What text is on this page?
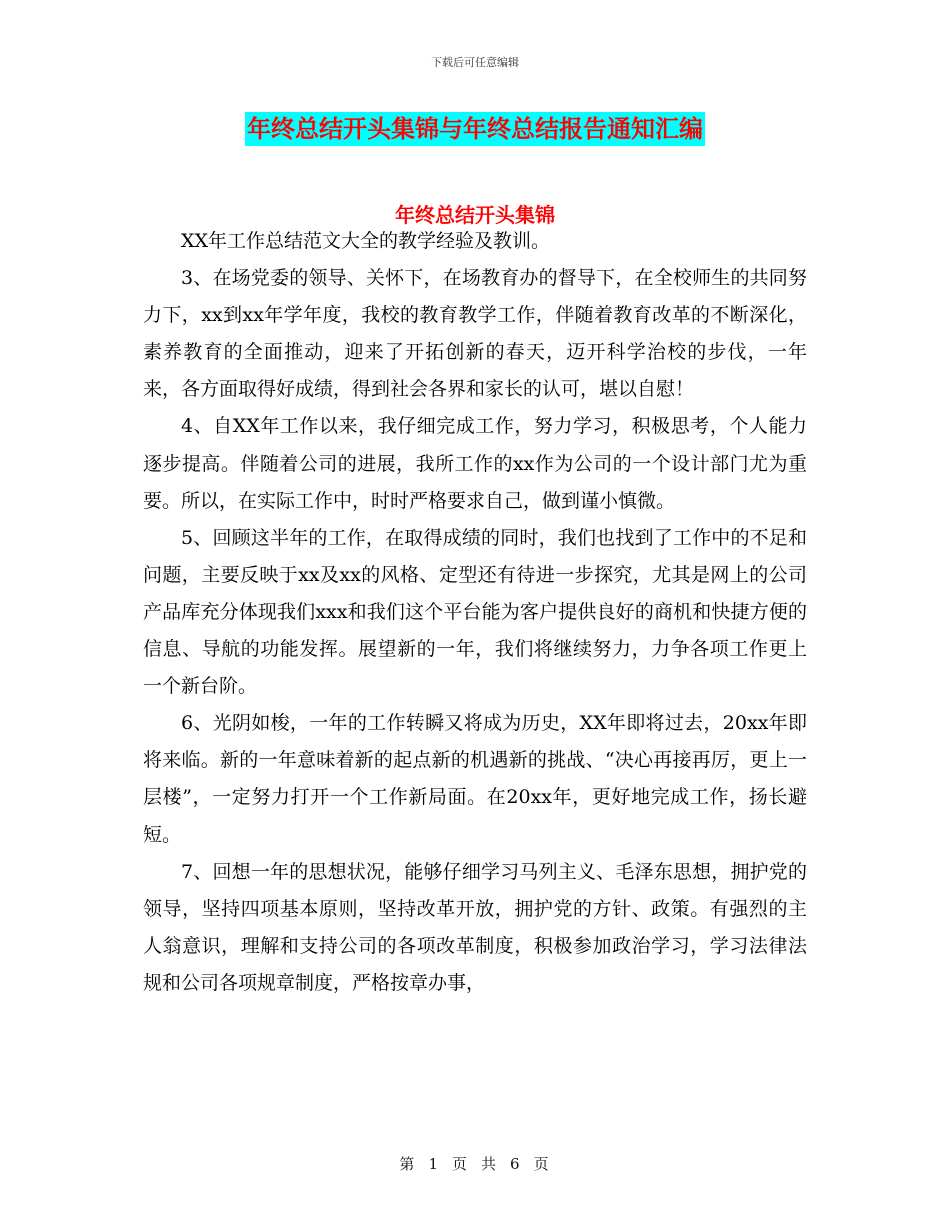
下载后可任意编辑
年终总结开头集锦与年终总结报告通知汇编
年终总结开头集锦

XX年工作总结范文大全的教学经验及教训。

3、在场党委的领导、关怀下，在场教育办的督导下，在全校师生的共同努力下，xx到xx年学年度，我校的教育教学工作，伴随着教育改革的不断深化，素养教育的全面推动，迎来了开拓创新的春天，迈开科学治校的步伐，一年来，各方面取得好成绩，得到社会各界和家长的认可，堪以自慰！

4、自XX年工作以来，我仔细完成工作，努力学习，积极思考，个人能力逐步提高。伴随着公司的进展，我所工作的xx作为公司的一个设计部门尤为重要。所以，在实际工作中，时时严格要求自己，做到谨小慎微。

5、回顾这半年的工作，在取得成绩的同时，我们也找到了工作中的不足和问题，主要反映于xx及xx的风格、定型还有待进一步探究，尤其是网上的公司产品库充分体现我们xxx和我们这个平台能为客户提供良好的商机和快捷方便的信息、导航的功能发挥。展望新的一年，我们将继续努力，力争各项工作更上一个新台阶。

6、光阴如梭，一年的工作转瞬又将成为历史，XX年即将过去，20xx年即将来临。新的一年意味着新的起点新的机遇新的挑战、“决心再接再厉，更上一层楼”，一定努力打开一个工作新局面。在20xx年，更好地完成工作，扬长避短。

7、回想一年的思想状况，能够仔细学习马列主义、毛泽东思想，拥护党的领导，坚持四项基本原则，坚持改革开放，拥护党的方针、政策。有强烈的主人翁意识，理解和支持公司的各项改革制度，积极参加政治学习，学习法律法规和公司各项规章制度，严格按章办事，

第 1 页 共 6 页
